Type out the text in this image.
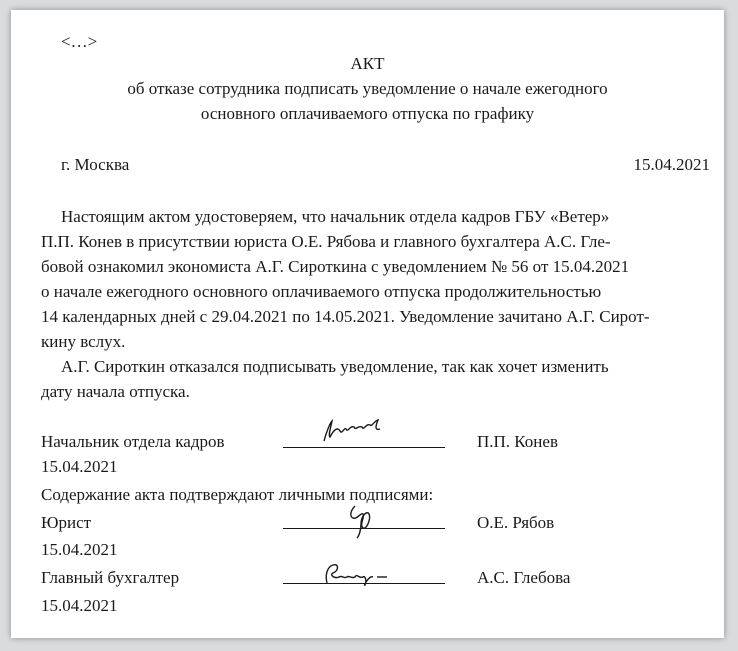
<…>
АКТ
об отказе сотрудника подписать уведомление о начале ежегодного
основного оплачиваемого отпуска по графику
г. Москва	15.04.2021
Настоящим актом удостоверяем, что начальник отдела кадров ГБУ «Ветер»
П.П. Конев в присутствии юриста О.Е. Рябова и главного бухгалтера А.С. Гле-
бовой ознакомил экономиста А.Г. Сироткина с уведомлением № 56 от 15.04.2021
о начале ежегодного основного оплачиваемого отпуска продолжительностью
14 календарных дней с 29.04.2021 по 14.05.2021. Уведомление зачитано А.Г. Сирот-
кину вслух.
А.Г. Сироткин отказался подписывать уведомление, так как хочет изменить
дату начала отпуска.
Начальник отдела кадров	П.П. Конев
15.04.2021
Содержание акта подтверждают личными подписями:
Юрист	О.Е. Рябов
15.04.2021
Главный бухгалтер	А.С. Глебова
15.04.2021
